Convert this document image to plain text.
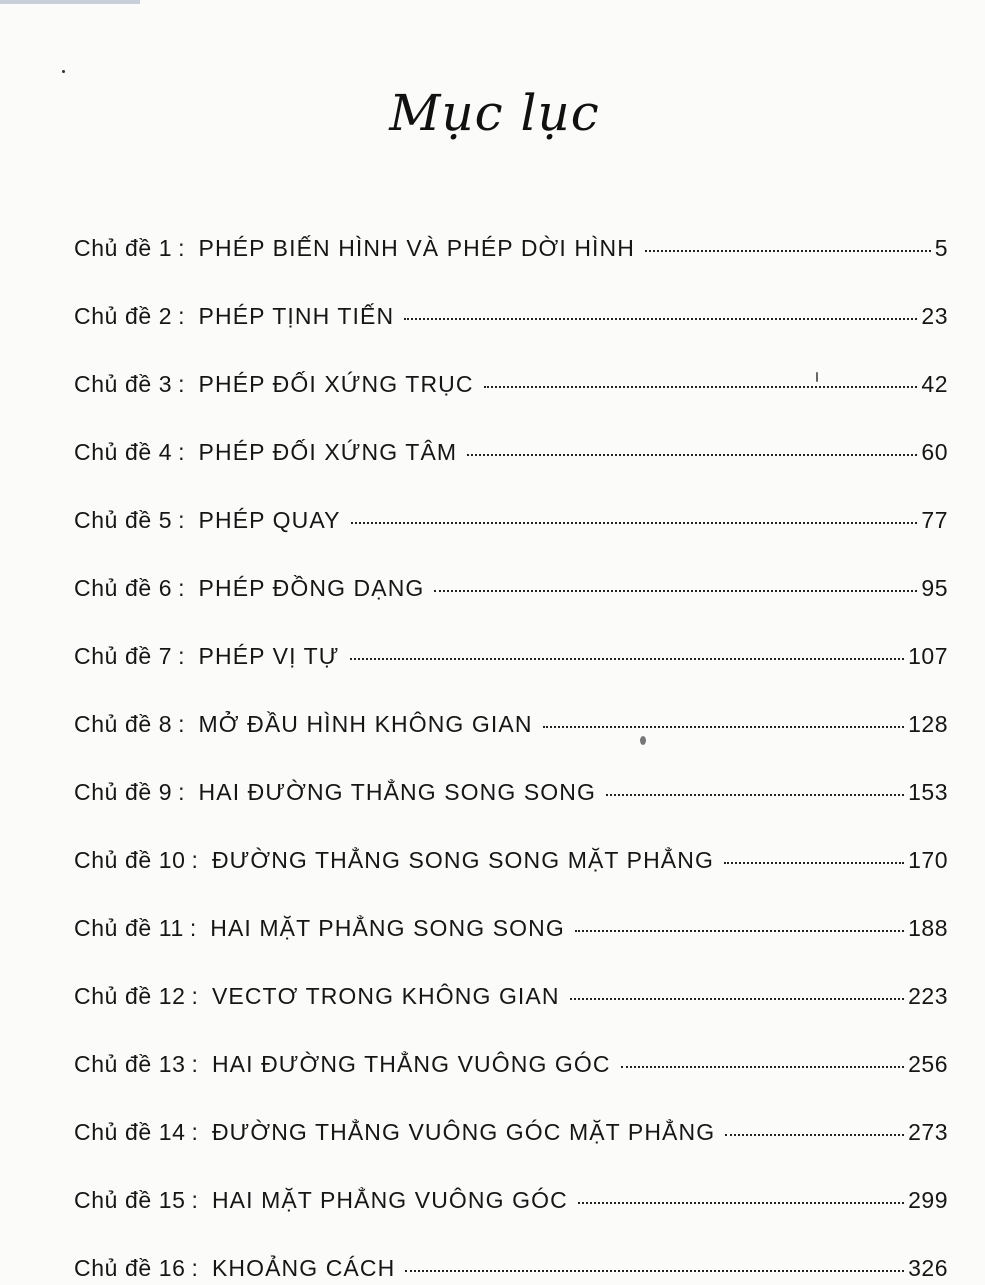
Mục lục
Chủ đề 1 : PHÉP BIẾN HÌNH VÀ PHÉP DỜI HÌNH	5
Chủ đề 2 : PHÉP TỊNH TIẾN	23
Chủ đề 3 : PHÉP ĐỐI XỨNG TRỤC	42
Chủ đề 4 : PHÉP ĐỐI XỨNG TÂM	60
Chủ đề 5 : PHÉP QUAY	77
Chủ đề 6 : PHÉP ĐỒNG DẠNG	95
Chủ đề 7 : PHÉP VỊ TỰ	107
Chủ đề 8 : MỞ ĐẦU HÌNH KHÔNG GIAN	128
Chủ đề 9 : HAI ĐƯỜNG THẲNG SONG SONG	153
Chủ đề 10 : ĐƯỜNG THẲNG SONG SONG MẶT PHẲNG	170
Chủ đề 11 : HAI MẶT PHẲNG SONG SONG	188
Chủ đề 12 : VECTƠ TRONG KHÔNG GIAN	223
Chủ đề 13 : HAI ĐƯỜNG THẲNG VUÔNG GÓC	256
Chủ đề 14 : ĐƯỜNG THẲNG VUÔNG GÓC MẶT PHẲNG	273
Chủ đề 15 : HAI MẶT PHẲNG VUÔNG GÓC	299
Chủ đề 16 : KHOẢNG CÁCH	326
